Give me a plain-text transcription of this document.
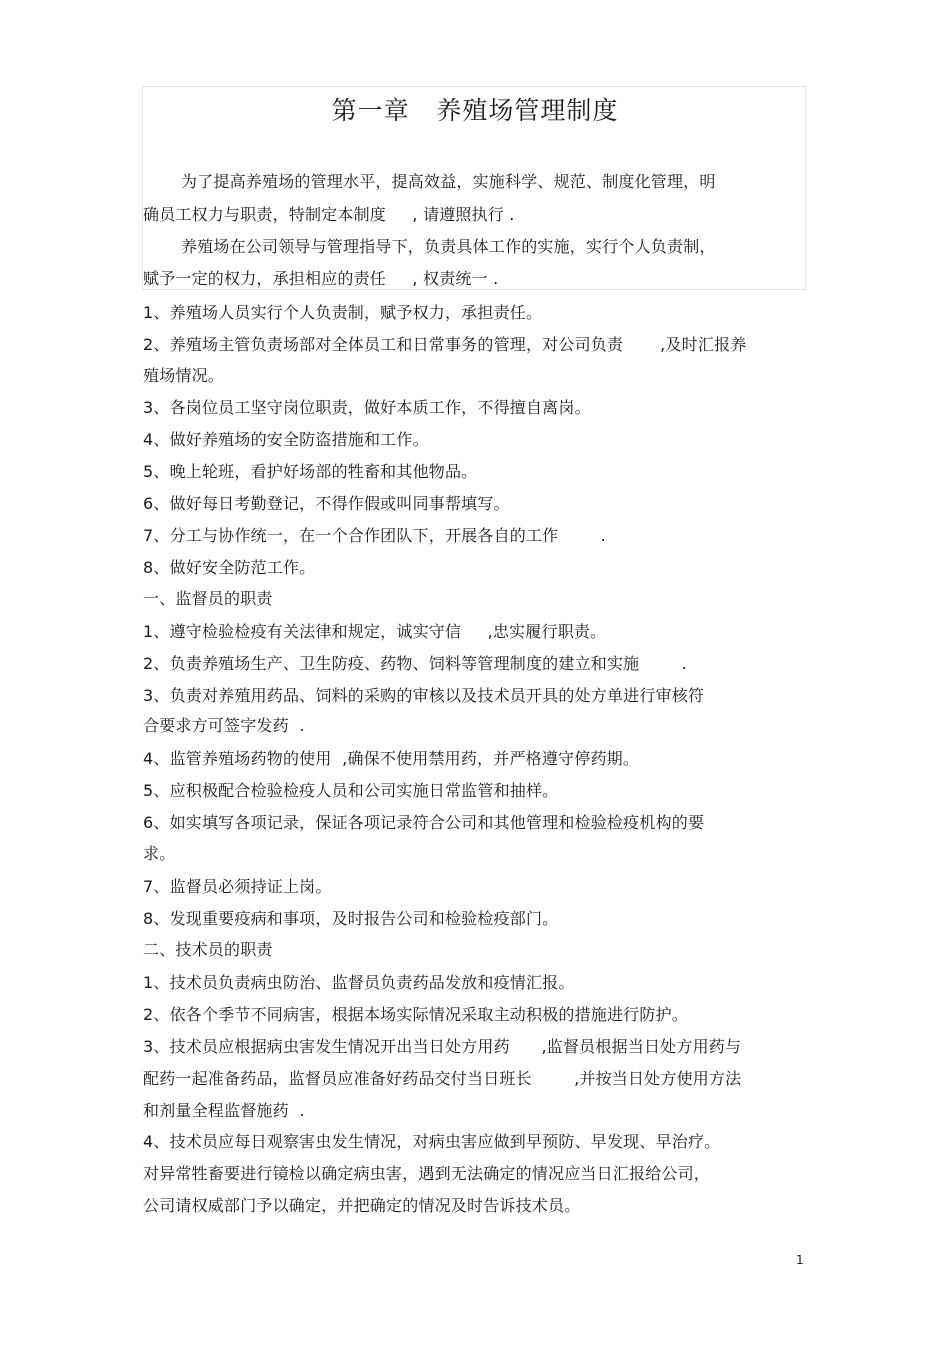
第一章   养殖场管理制度
为了提高养殖场的管理水平，提高效益，实施科学、规范、制度化管理，明
确员工权力与职责，特制定本制度     , 请遵照执行 .
养殖场在公司领导与管理指导下，负责具体工作的实施，实行个人负责制，
赋予一定的权力，承担相应的责任     , 权责统一 .
1、养殖场人员实行个人负责制，赋予权力，承担责任。
2、养殖场主管负责场部对全体员工和日常事务的管理，对公司负责       ,及时汇报养
殖场情况。
3、各岗位员工坚守岗位职责，做好本质工作，不得擅自离岗。
4、做好养殖场的安全防盗措施和工作。
5、晚上轮班，看护好场部的牲畜和其他物品。
6、做好每日考勤登记，不得作假或叫同事帮填写。
7、分工与协作统一，在一个合作团队下，开展各自的工作        .
8、做好安全防范工作。
一、监督员的职责
1、遵守检验检疫有关法律和规定，诚实守信     ,忠实履行职责。
2、负责养殖场生产、卫生防疫、药物、饲料等管理制度的建立和实施        .
3、负责对养殖用药品、饲料的采购的审核以及技术员开具的处方单进行审核符
合要求方可签字发药  .
4、监管养殖场药物的使用  ,确保不使用禁用药，并严格遵守停药期。
5、应积极配合检验检疫人员和公司实施日常监管和抽样。
6、如实填写各项记录，保证各项记录符合公司和其他管理和检验检疫机构的要
求。
7、监督员必须持证上岗。
8、发现重要疫病和事项，及时报告公司和检验检疫部门。
二、技术员的职责
1、技术员负责病虫防治、监督员负责药品发放和疫情汇报。
2、依各个季节不同病害，根据本场实际情况采取主动积极的措施进行防护。
3、技术员应根据病虫害发生情况开出当日处方用药      ,监督员根据当日处方用药与
配药一起准备药品，监督员应准备好药品交付当日班长        ,并按当日处方使用方法
和剂量全程监督施药  .
4、技术员应每日观察害虫发生情况，对病虫害应做到早预防、早发现、早治疗。
对异常牲畜要进行镜检以确定病虫害，遇到无法确定的情况应当日汇报给公司，
公司请权威部门予以确定，并把确定的情况及时告诉技术员。
1
